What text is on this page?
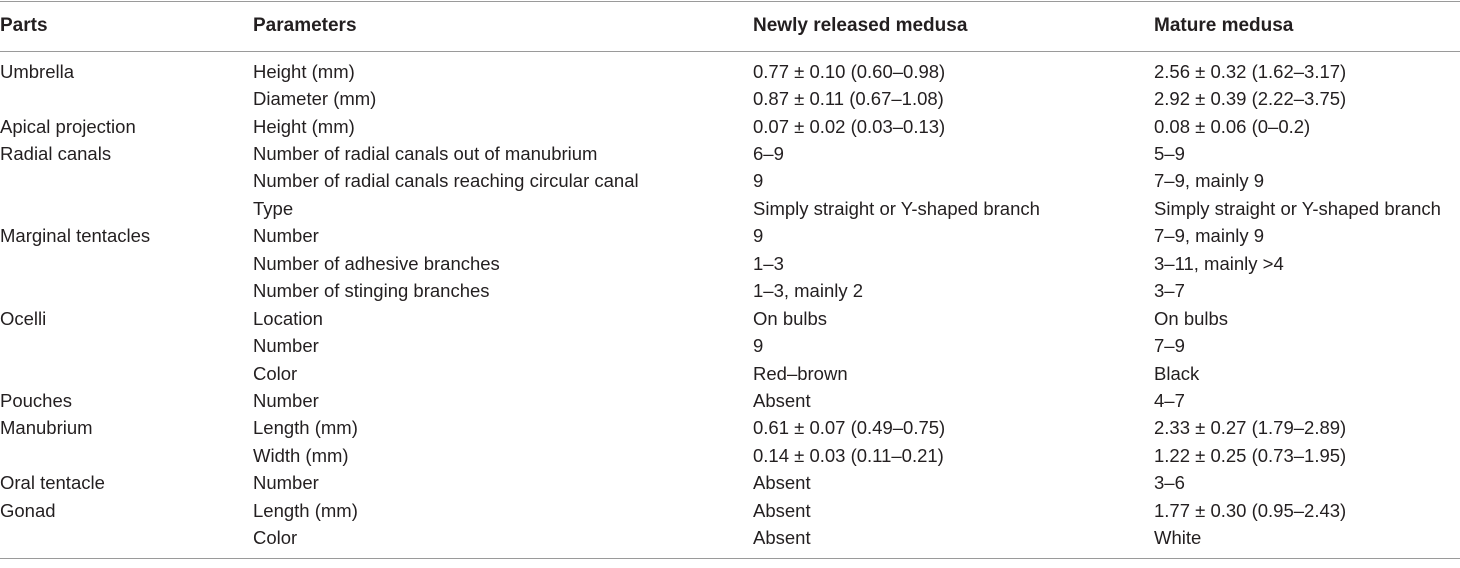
Parts	Parameters	Newly released medusa	Mature medusa
Umbrella	Height (mm)	0.77 ± 0.10 (0.60–0.98)	2.56 ± 0.32 (1.62–3.17)
	Diameter (mm)	0.87 ± 0.11 (0.67–1.08)	2.92 ± 0.39 (2.22–3.75)
Apical projection	Height (mm)	0.07 ± 0.02 (0.03–0.13)	0.08 ± 0.06 (0–0.2)
Radial canals	Number of radial canals out of manubrium	6–9	5–9
	Number of radial canals reaching circular canal	9	7–9, mainly 9
	Type	Simply straight or Y-shaped branch	Simply straight or Y-shaped branch
Marginal tentacles	Number	9	7–9, mainly 9
	Number of adhesive branches	1–3	3–11, mainly >4
	Number of stinging branches	1–3, mainly 2	3–7
Ocelli	Location	On bulbs	On bulbs
	Number	9	7–9
	Color	Red–brown	Black
Pouches	Number	Absent	4–7
Manubrium	Length (mm)	0.61 ± 0.07 (0.49–0.75)	2.33 ± 0.27 (1.79–2.89)
	Width (mm)	0.14 ± 0.03 (0.11–0.21)	1.22 ± 0.25 (0.73–1.95)
Oral tentacle	Number	Absent	3–6
Gonad	Length (mm)	Absent	1.77 ± 0.30 (0.95–2.43)
	Color	Absent	White
